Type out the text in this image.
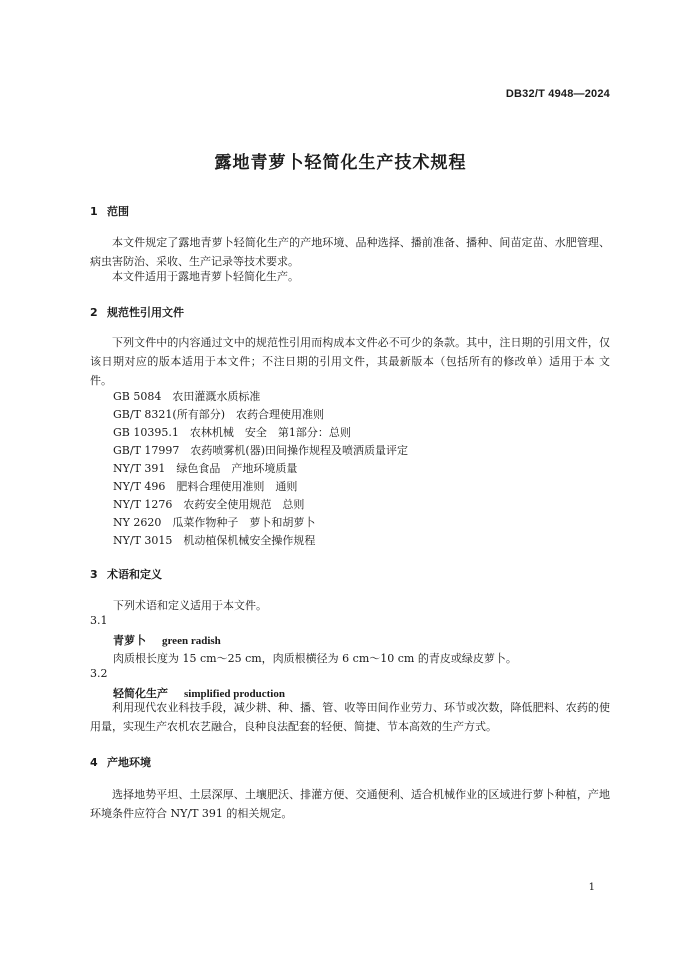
DB32/T 4948—2024
露地青萝卜轻简化生产技术规程
1 范围
本文件规定了露地青萝卜轻简化生产的产地环境、品种选择、播前准备、播种、间苗定苗、水肥管理、病虫害防治、采收、生产记录等技术要求。
本文件适用于露地青萝卜轻简化生产。
2 规范性引用文件
下列文件中的内容通过文中的规范性引用而构成本文件必不可少的条款。其中，注日期的引用文件，仅该日期对应的版本适用于本文件；不注日期的引用文件，其最新版本（包括所有的修改单）适用于本 文件。
GB 5084　农田灌溉水质标准
GB/T 8321(所有部分)　农药合理使用准则
GB 10395.1　农林机械　安全　第1部分：总则
GB/T 17997　农药喷雾机(器)田间操作规程及喷洒质量评定
NY/T 391　绿色食品　产地环境质量
NY/T 496　肥料合理使用准则　通则
NY/T 1276　农药安全使用规范　总则
NY 2620　瓜菜作物种子　萝卜和胡萝卜
NY/T 3015　机动植保机械安全操作规程
3 术语和定义
下列术语和定义适用于本文件。
3.1
青萝卜 green radish
肉质根长度为 15 cm～25 cm，肉质根横径为 6 cm～10 cm 的青皮或绿皮萝卜。
3.2
轻简化生产 simplified production
利用现代农业科技手段，减少耕、种、播、管、收等田间作业劳力、环节或次数，降低肥料、农药的使用量，实现生产农机农艺融合，良种良法配套的轻便、简捷、节本高效的生产方式。
4 产地环境
选择地势平坦、土层深厚、土壤肥沃、排灌方便、交通便利、适合机械作业的区域进行萝卜种植，产地环境条件应符合 NY/T 391 的相关规定。
1
